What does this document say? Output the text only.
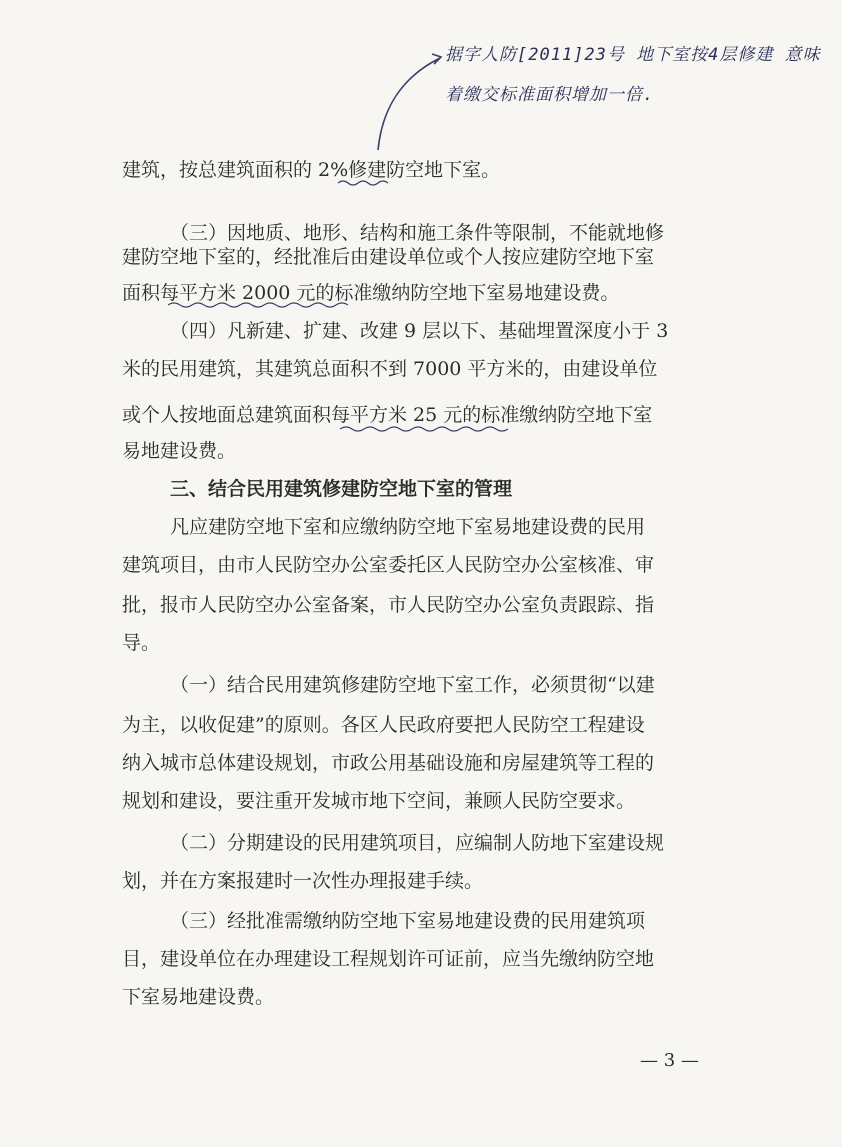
据字人防[2011]23号 地下室按4层修建 意味
着缴交标准面积增加一倍.
建筑，按总建筑面积的 2%修建防空地下室。
（三）因地质、地形、结构和施工条件等限制，不能就地修
建防空地下室的，经批准后由建设单位或个人按应建防空地下室
面积每平方米 2000 元的标准缴纳防空地下室易地建设费。
（四）凡新建、扩建、改建 9 层以下、基础埋置深度小于 3
米的民用建筑，其建筑总面积不到 7000 平方米的，由建设单位
或个人按地面总建筑面积每平方米 25 元的标准缴纳防空地下室
易地建设费。
三、结合民用建筑修建防空地下室的管理
凡应建防空地下室和应缴纳防空地下室易地建设费的民用
建筑项目，由市人民防空办公室委托区人民防空办公室核准、审
批，报市人民防空办公室备案，市人民防空办公室负责跟踪、指
导。
（一）结合民用建筑修建防空地下室工作，必须贯彻“以建
为主，以收促建”的原则。各区人民政府要把人民防空工程建设
纳入城市总体建设规划，市政公用基础设施和房屋建筑等工程的
规划和建设，要注重开发城市地下空间，兼顾人民防空要求。
（二）分期建设的民用建筑项目，应编制人防地下室建设规
划，并在方案报建时一次性办理报建手续。
（三）经批准需缴纳防空地下室易地建设费的民用建筑项
目，建设单位在办理建设工程规划许可证前，应当先缴纳防空地
下室易地建设费。
— 3 —
